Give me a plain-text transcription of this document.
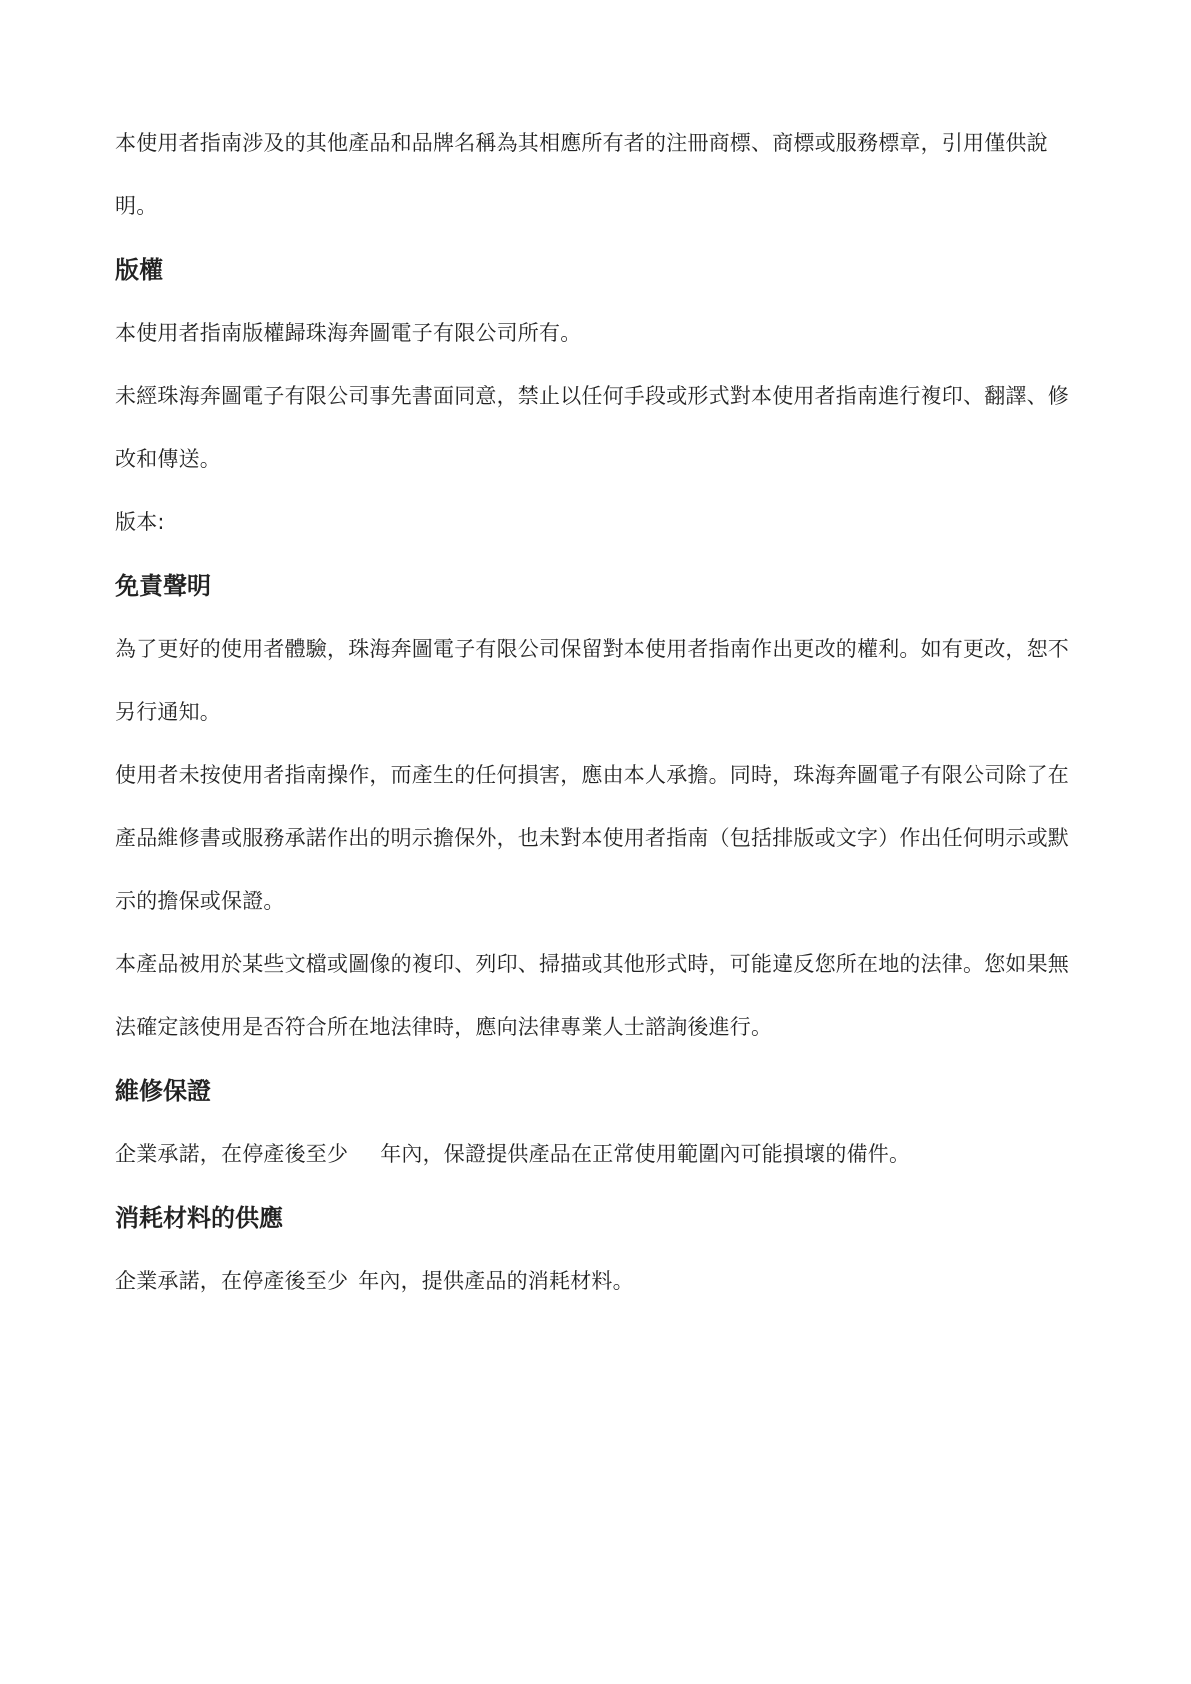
本使用者指南涉及的其他產品和品牌名稱為其相應所有者的注冊商標、商標或服務標章，引用僅供說明。

版權

本使用者指南版權歸珠海奔圖電子有限公司所有。

未經珠海奔圖電子有限公司事先書面同意，禁止以任何手段或形式對本使用者指南進行複印、翻譯、修改和傳送。

版本:

免責聲明

為了更好的使用者體驗，珠海奔圖電子有限公司保留對本使用者指南作出更改的權利。如有更改，恕不另行通知。

使用者未按使用者指南操作，而產生的任何損害，應由本人承擔。同時，珠海奔圖電子有限公司除了在產品維修書或服務承諾作出的明示擔保外，也未對本使用者指南（包括排版或文字）作出任何明示或默示的擔保或保證。

本產品被用於某些文檔或圖像的複印、列印、掃描或其他形式時，可能違反您所在地的法律。您如果無法確定該使用是否符合所在地法律時，應向法律專業人士諮詢後進行。

維修保證

企業承諾，在停產後至少 年內，保證提供產品在正常使用範圍內可能損壞的備件。

消耗材料的供應

企業承諾，在停產後至少 年內，提供產品的消耗材料。
